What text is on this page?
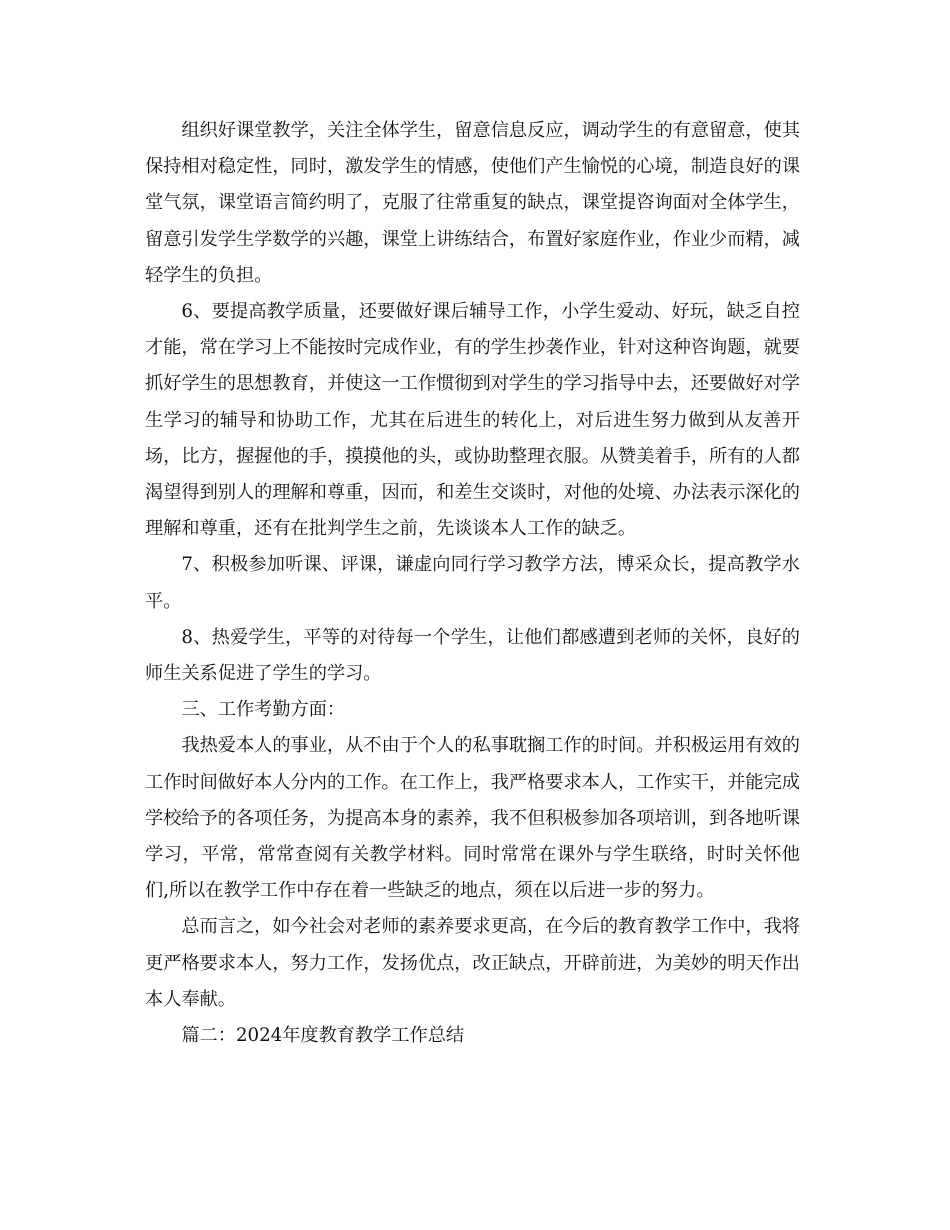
组织好课堂教学，关注全体学生，留意信息反应，调动学生的有意留意，使其保持相对稳定性，同时，激发学生的情感，使他们产生愉悦的心境，制造良好的课堂气氛，课堂语言简约明了，克服了往常重复的缺点，课堂提咨询面对全体学生，留意引发学生学数学的兴趣，课堂上讲练结合，布置好家庭作业，作业少而精，减轻学生的负担。

6、要提高教学质量，还要做好课后辅导工作，小学生爱动、好玩，缺乏自控才能，常在学习上不能按时完成作业，有的学生抄袭作业，针对这种咨询题，就要抓好学生的思想教育，并使这一工作惯彻到对学生的学习指导中去，还要做好对学生学习的辅导和协助工作，尤其在后进生的转化上，对后进生努力做到从友善开场，比方，握握他的手，摸摸他的头，或协助整理衣服。从赞美着手，所有的人都渴望得到别人的理解和尊重，因而，和差生交谈时，对他的处境、办法表示深化的理解和尊重，还有在批判学生之前，先谈谈本人工作的缺乏。

7、积极参加听课、评课，谦虚向同行学习教学方法，博采众长，提高教学水平。

8、热爱学生，平等的对待每一个学生，让他们都感遭到老师的关怀，良好的师生关系促进了学生的学习。

三、工作考勤方面：

我热爱本人的事业，从不由于个人的私事耽搁工作的时间。并积极运用有效的工作时间做好本人分内的工作。在工作上，我严格要求本人，工作实干，并能完成学校给予的各项任务，为提高本身的素养，我不但积极参加各项培训，到各地听课学习，平常，常常查阅有关教学材料。同时常常在课外与学生联络，时时关怀他们,所以在教学工作中存在着一些缺乏的地点，须在以后进一步的努力。

总而言之，如今社会对老师的素养要求更高，在今后的教育教学工作中，我将更严格要求本人，努力工作，发扬优点，改正缺点，开辟前进，为美妙的明天作出本人奉献。

篇二：2024年度教育教学工作总结
